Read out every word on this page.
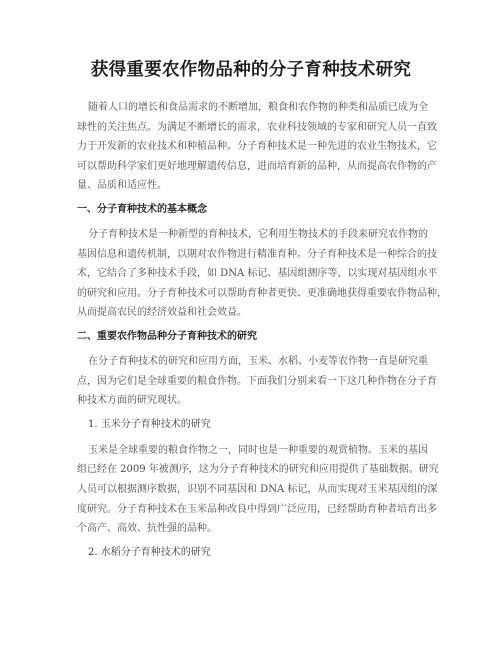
获得重要农作物品种的分子育种技术研究
随着人口的增长和食品需求的不断增加，粮食和农作物的种类和品质已成为全
球性的关注焦点。为满足不断增长的需求，农业科技领域的专家和研究人员一直致
力于开发新的农业技术和种植品种。分子育种技术是一种先进的农业生物技术，它
可以帮助科学家们更好地理解遗传信息，进而培育新的品种，从而提高农作物的产
量、品质和适应性。
一、分子育种技术的基本概念
分子育种技术是一种新型的育种技术，它利用生物技术的手段来研究农作物的
基因信息和遗传机制，以期对农作物进行精准育种。分子育种技术是一种综合的技
术，它结合了多种技术手段，如 DNA 标记、基因组测序等，以实现对基因组水平
的研究和应用。分子育种技术可以帮助育种者更快、更准确地获得重要农作物品种，
从而提高农民的经济效益和社会效益。
二、重要农作物品种分子育种技术的研究
在分子育种技术的研究和应用方面，玉米、水稻、小麦等农作物一直是研究重
点，因为它们是全球重要的粮食作物。下面我们分别来看一下这几种作物在分子育
种技术方面的研究现状。
1. 玉米分子育种技术的研究
玉米是全球重要的粮食作物之一，同时也是一种重要的观赏植物。玉米的基因
组已经在 2009 年被测序，这为分子育种技术的研究和应用提供了基础数据。研究
人员可以根据测序数据，识别不同基因和 DNA 标记，从而实现对玉米基因组的深
度研究。分子育种技术在玉米品种改良中得到广泛应用，已经帮助育种者培育出多
个高产、高效、抗性强的品种。
2. 水稻分子育种技术的研究
